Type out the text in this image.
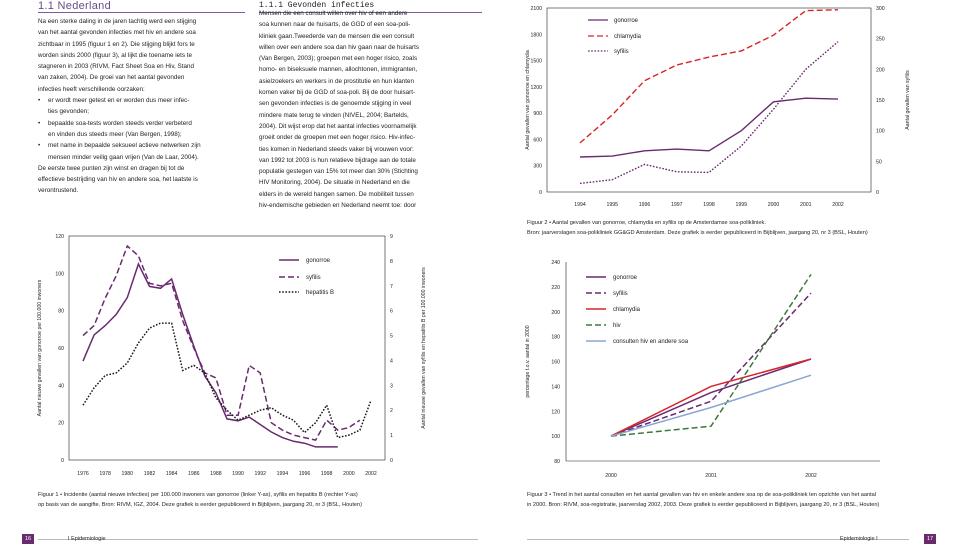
1.1 Nederland	1.1.1 Gevonden infecties

Na een sterke daling in de jaren tachtig werd een stijging

van het aantal gevonden infecties met hiv en andere soa

zichtbaar in 1995 (figuur 1 en 2). Die stijging blijkt fors te

worden sinds 2000 (figuur 3), al lijkt die toename iets te

stagneren in 2003 (RIVM, Fact Sheet Soa en Hiv, Stand

van zaken, 2004). De groei van het aantal gevonden

infecties heeft verschillende oorzaken:

• er wordt meer getest en er worden dus meer infec-

ties gevonden;

• bepaalde soa-tests worden steeds verder verbeterd

en vinden dus steeds meer (Van Bergen, 1998);

• met name in bepaalde seksueel actieve netwerken zijn

mensen minder veilig gaan vrijen (Van de Laar, 2004).

De eerste twee punten zijn winst en dragen bij tot de

effectieve bestrijding van hiv en andere soa, het laatste is

verontrustend.

Mensen die een consult willen over hiv of een andere

soa kunnen naar de huisarts, de GGD of een soa-poli-

kliniek gaan.Tweederde van de mensen die een consult

willen over een andere soa dan hiv gaan naar de huisarts

(Van Bergen, 2003); groepen met een hoger risico, zoals

homo- en biseksuele mannen, allochtonen, immigranten,

asielzoekers en werkers in de prostitutie en hun klanten

komen vaker bij de GGD of soa-poli. Bij de door huisart-

sen gevonden infecties is de genoemde stijging in veel

mindere mate terug te vinden (NIVEL, 2004; Bartelds,

2004). Dit wijst erop dat het aantal infecties voornamelijk

groeit onder de groepen met een hoger risico. Hiv-infec-

ties komen in Nederland steeds vaker bij vrouwen voor:

van 1992 tot 2003 is hun relatieve bijdrage aan de totale

populatie gestegen van 15% tot meer dan 30% (Stichting

HIV Monitoring, 2004). De situatie in Nederland en die

elders in de wereld hangen samen. De mobiliteit tussen

hiv-endemische gebieden en Nederland neemt toe: door

0
300
600
900
1200
1500
1800
2100
0
50
100
150
200
250
300
Aantal gevallen van gonorroe en chlamydia	Aantal gevallen van syfilis
1994	1995	1996	1997	1998	1999	2000	2001	2002
gonorroe
chlamydia
syfilis
0
20
40
60
80
100
120
0
1
2
3
4
5
6
7
8
9
Aantal nieuwe gevallen van gonorroe per 100.000 inwoners	Aantal nieuwe gevallen van syfilis en hepatitis B per 100.000 inwoners
1976 1978 1980 1982 1984 1986 1988 1990 1992 1994 1996 1998 2000 2002
gonorroe
syfilis
hepatitis B
80
100
120
140
160
180
200
220
240
percentage t.o.v. aantal in 2000
2000	2001	2002
gonorroe
syfilis
chlamydia
hiv
consulten hiv en andere soa
Figuur 2 • Aantal gevallen van gonorroe, chlamydia en syfilis op de Amsterdamse soa-polikliniek.
Bron: jaarverslagen soa-polikliniek GG&GD Amsterdam. Deze grafiek is eerder gepubliceerd in Bijblijven, jaargang 20, nr 3 (BSL, Houten)
Figuur 1 • Incidentie (aantal nieuwe infecties) per 100.000 inwoners van gonorroe (linker Y-as), syfilis en hepatitis B (rechter Y-as)
op basis van de aangifte. Bron: RIVM, IGZ, 2004. Deze grafiek is eerder gepubliceerd in Bijblijven, jaargang 20, nr 3 (BSL, Houten)
Figuur 3 • Trend in het aantal consulten en het aantal gevallen van hiv en enkele andere soa op de soa-polikliniek ten opzichte van het aantal
in 2000. Bron: RIVM, soa-registratie, jaarverslag 2002, 2003. Deze grafiek is eerder gepubliceerd in Bijblijven, jaargang 20, nr 3 (BSL, Houten)
16	I Epidemiologie	Epidemiologie I	17
